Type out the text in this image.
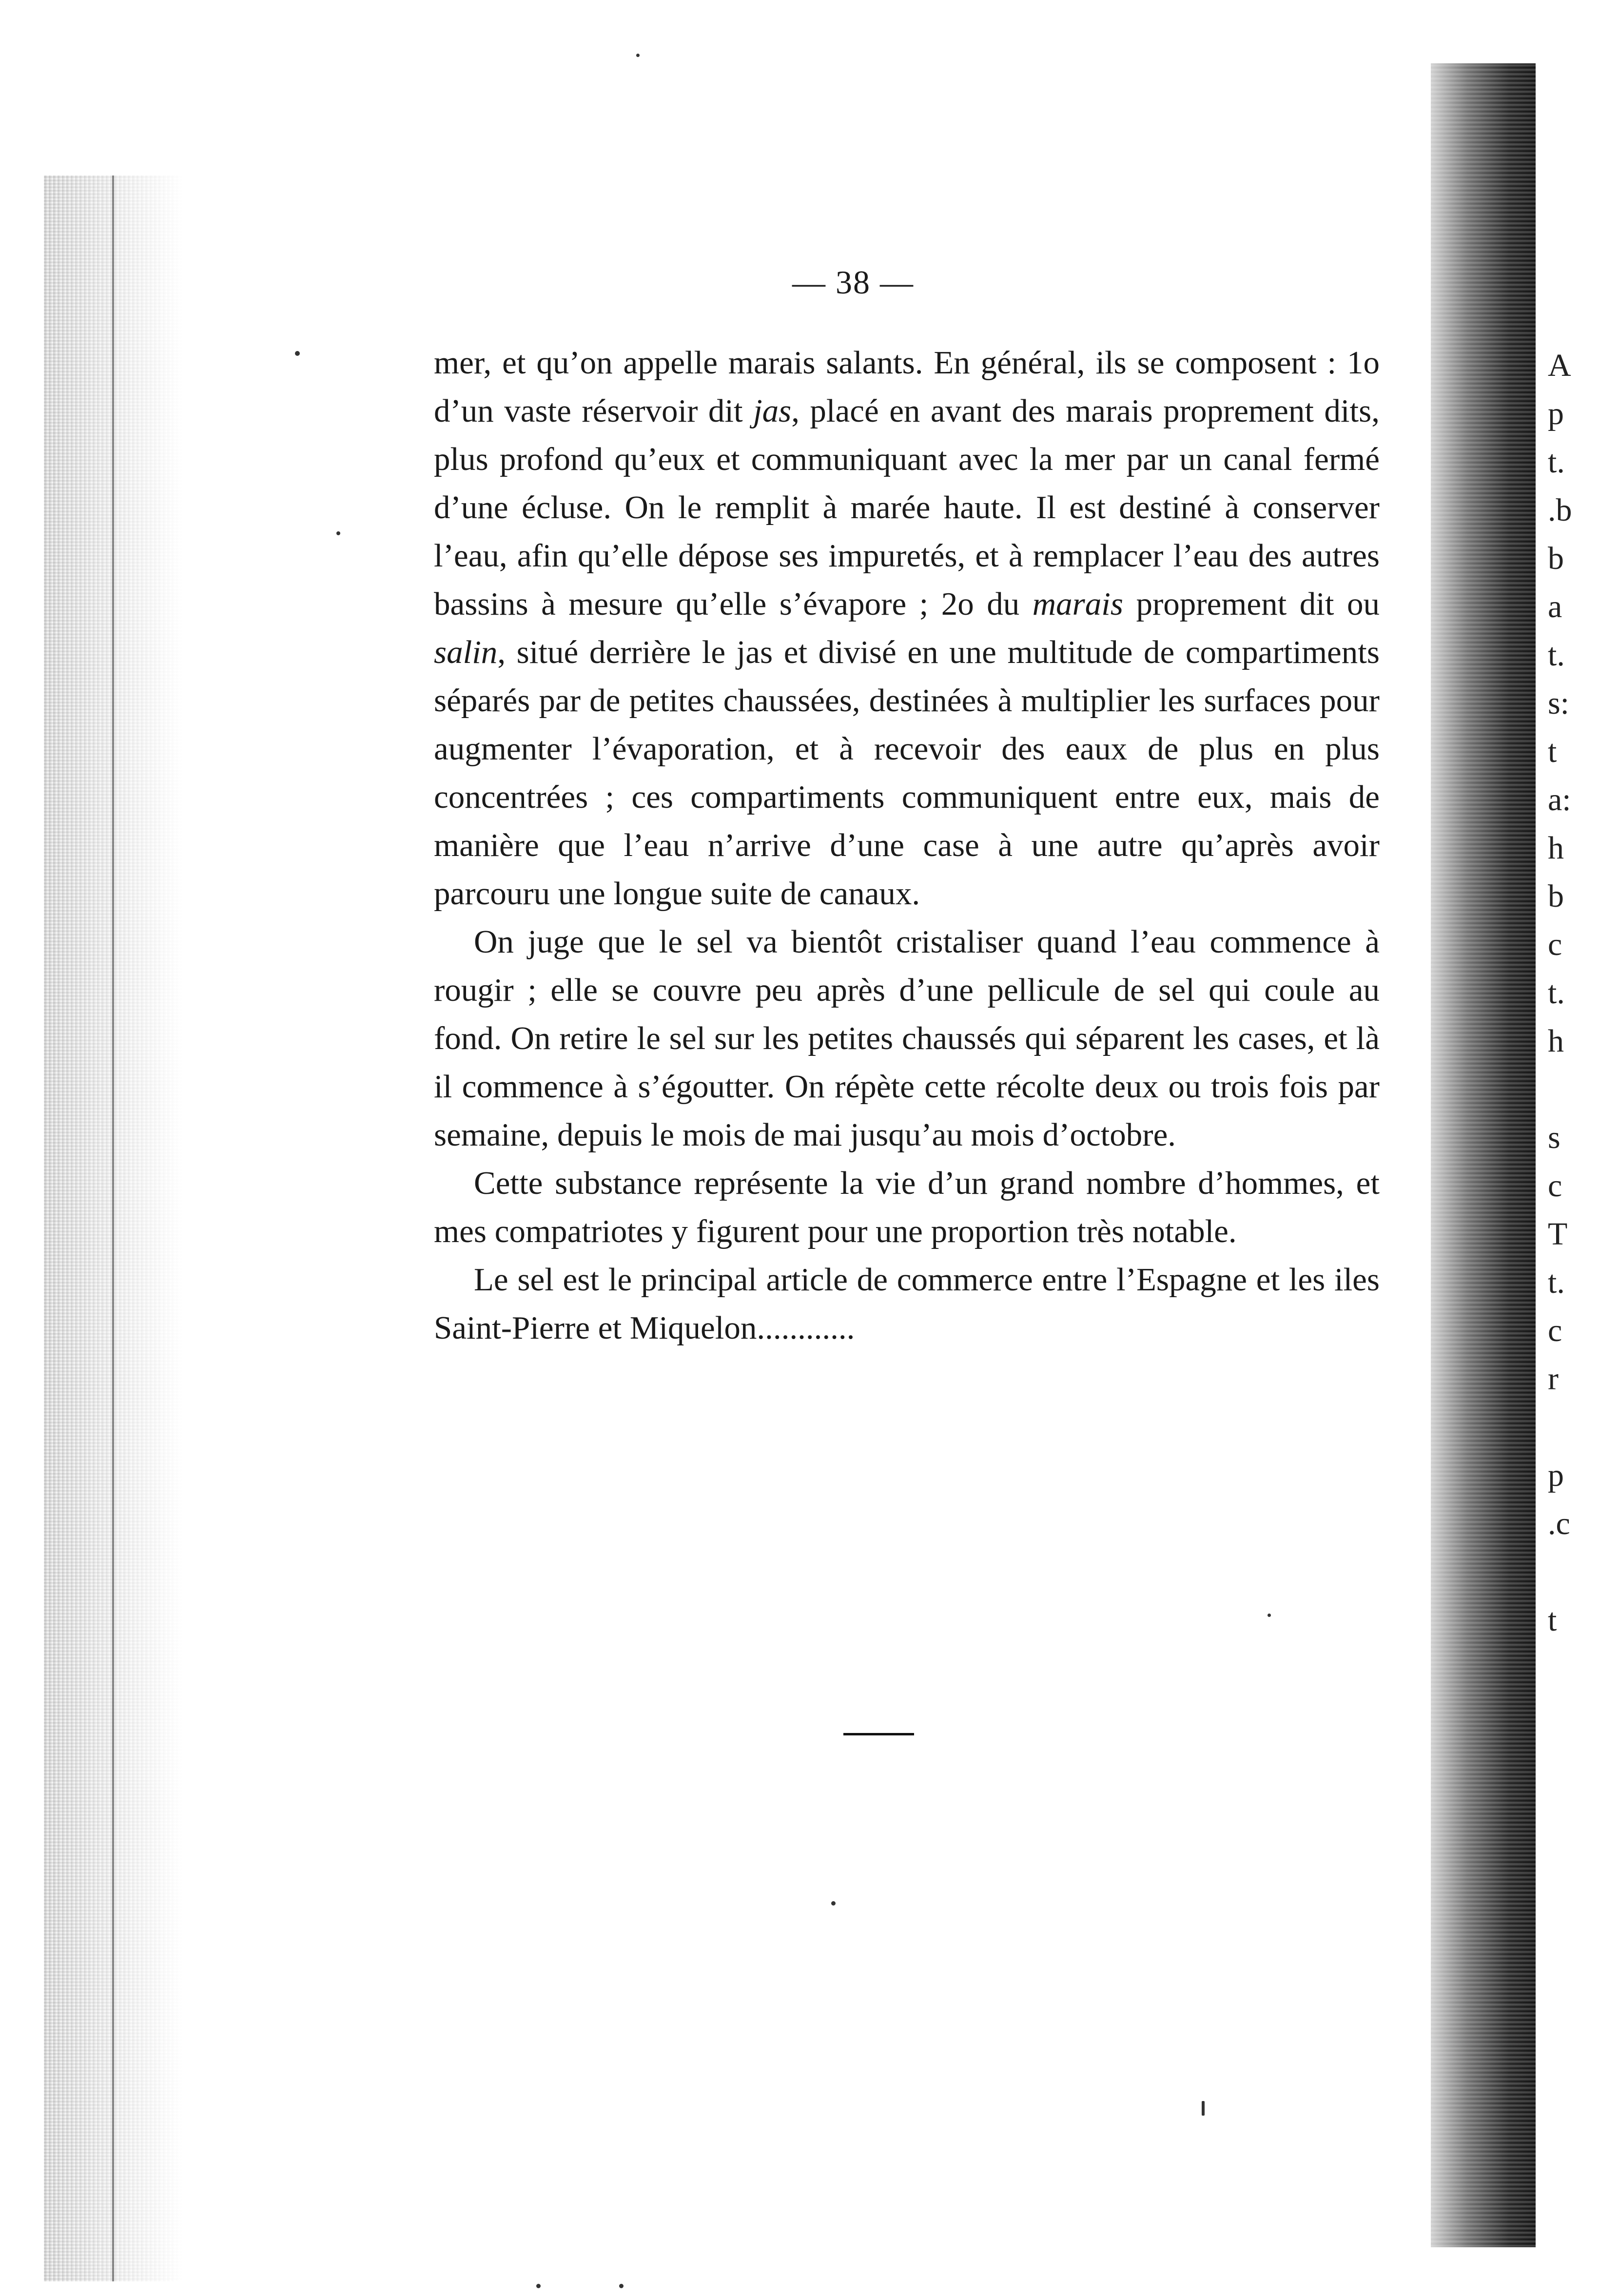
A
p
t.
.b
b
a
t.
s:
t
a:
h
b
c
t.
h
s
c
T
t.
c
r
p
.c
t
— 38 —

mer, et qu’on appelle marais salants. En général, ils se composent : 1o d’un vaste réservoir dit jas, placé en avant des marais proprement dits, plus profond qu’eux et communiquant avec la mer par un canal fermé d’une écluse. On le remplit à marée haute. Il est destiné à conserver l’eau, afin qu’elle dépose ses impuretés, et à remplacer l’eau des autres bassins à mesure qu’elle s’évapore ; 2o du marais proprement dit ou salin, situé derrière le jas et divisé en une multitude de compartiments séparés par de petites chaussées, destinées à multiplier les surfaces pour augmenter l’évaporation, et à recevoir des eaux de plus en plus concentrées ; ces compartiments communiquent entre eux, mais de manière que l’eau n’arrive d’une case à une autre qu’après avoir parcouru une longue suite de canaux.

On juge que le sel va bientôt cristaliser quand l’eau commence à rougir ; elle se couvre peu après d’une pellicule de sel qui coule au fond. On retire le sel sur les petites chaussés qui séparent les cases, et là il commence à s’égoutter. On répète cette récolte deux ou trois fois par semaine, depuis le mois de mai jusqu’au mois d’octobre.

Cette substance représente la vie d’un grand nombre d’hommes, et mes compatriotes y figurent pour une proportion très notable.

Le sel est le principal article de commerce entre l’Espagne et les iles Saint-Pierre et Miquelon............
